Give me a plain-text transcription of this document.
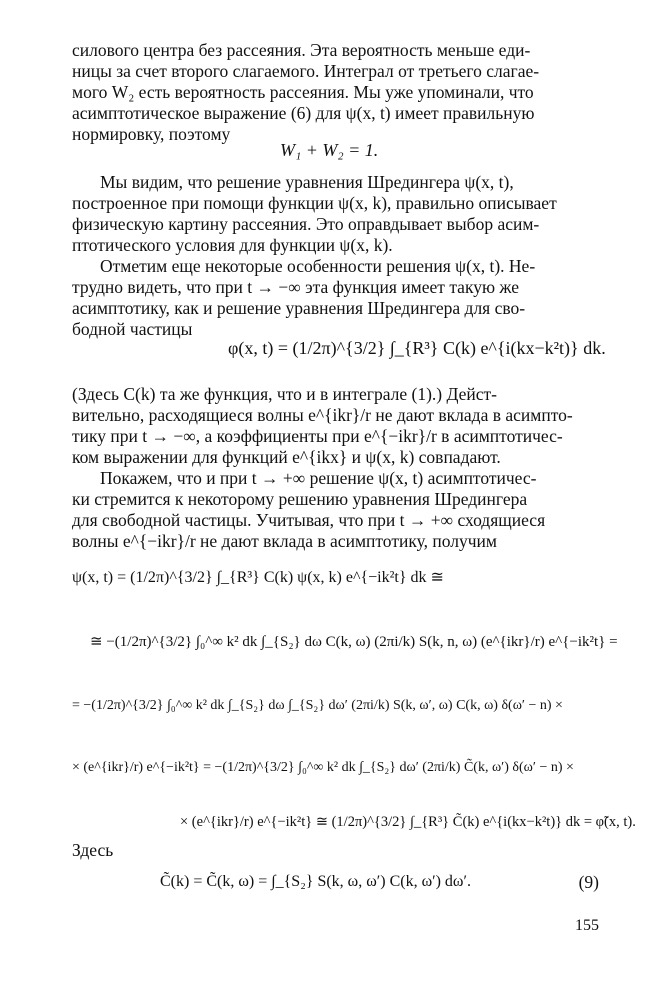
силового центра без рассеяния. Эта вероятность меньше еди-
ницы за счет второго слагаемого. Интеграл от третьего слагае-
мого W₂ есть вероятность рассеяния. Мы уже упоминали, что
асимптотическое выражение (6) для ψ(x, t) имеет правильную
нормировку, поэтому

W₁ + W₂ = 1.

Мы видим, что решение уравнения Шредингера ψ(x, t),
построенное при помощи функции ψ(x, k), правильно описывает
физическую картину рассеяния. Это оправдывает выбор асим-
птотического условия для функции ψ(x, k).

Отметим еще некоторые особенности решения ψ(x, t). Не-
трудно видеть, что при t → −∞ эта функция имеет такую же
асимптотику, как и решение уравнения Шредингера для сво-
бодной частицы

φ(x, t) = (1/2π)^{3/2} ∫_{R³} C(k) e^{i(kx−k²t)} dk.

(Здесь C(k) та же функция, что и в интеграле (1).) Дейст-
вительно, расходящиеся волны e^{ikr}/r не дают вклада в асимпто-
тику при t → −∞, а коэффициенты при e^{−ikr}/r в асимптотичес-
ком выражении для функций e^{ikx} и ψ(x, k) совпадают.

Покажем, что и при t → +∞ решение ψ(x, t) асимптотичес-
ки стремится к некоторому решению уравнения Шредингера
для свободной частицы. Учитывая, что при t → +∞ сходящиеся
волны e^{−ikr}/r не дают вклада в асимптотику, получим

ψ(x, t) = (1/2π)^{3/2} ∫_{R³} C(k) ψ(x, k) e^{−ik²t} dk ≅
≅ −(1/2π)^{3/2} ∫₀^∞ k² dk ∫_{S₂} dω C(k, ω) (2πi/k) S(k, n, ω) (e^{ikr}/r) e^{−ik²t} =
= −(1/2π)^{3/2} ∫₀^∞ k² dk ∫_{S₂} dω ∫_{S₂} dω′ (2πi/k) S(k, ω′, ω) C(k, ω) δ(ω′ − n) ×
× (e^{ikr}/r) e^{−ik²t} = −(1/2π)^{3/2} ∫₀^∞ k² dk ∫_{S₂} dω′ (2πi/k) C̃(k, ω′) δ(ω′ − n) ×
× (e^{ikr}/r) e^{−ik²t} ≅ (1/2π)^{3/2} ∫_{R³} C̃(k) e^{i(kx−k²t)} dk = φ̃(x, t).
Здесь
C̃(k) = C̃(k, ω) = ∫_{S₂} S(k, ω, ω′) C(k, ω′) dω′.	(9)
155
